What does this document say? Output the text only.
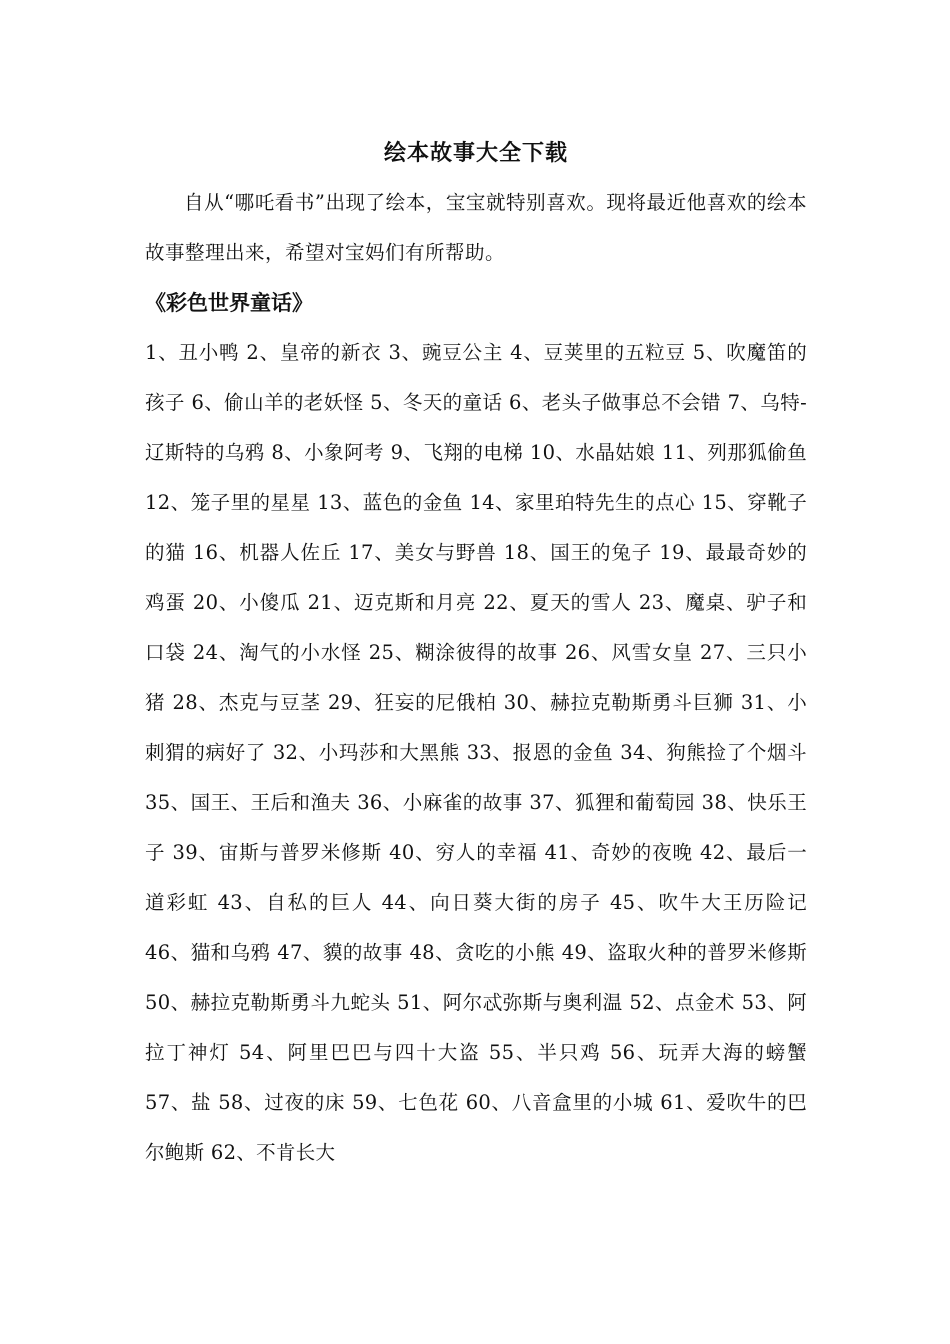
绘本故事大全下载

自从“哪吒看书”出现了绘本，宝宝就特别喜欢。现将最近他喜欢的绘本故事整理出来，希望对宝妈们有所帮助。

《彩色世界童话》

1、丑小鸭 2、皇帝的新衣 3、豌豆公主 4、豆荚里的五粒豆 5、吹魔笛的孩子 6、偷山羊的老妖怪 5、冬天的童话 6、老头子做事总不会错 7、乌特-辽斯特的乌鸦 8、小象阿考 9、飞翔的电梯 10、水晶姑娘 11、列那狐偷鱼 12、笼子里的星星 13、蓝色的金鱼 14、家里珀特先生的点心 15、穿靴子的猫 16、机器人佐丘 17、美女与野兽 18、国王的兔子 19、最最奇妙的鸡蛋 20、小傻瓜 21、迈克斯和月亮 22、夏天的雪人 23、魔桌、驴子和口袋 24、淘气的小水怪 25、糊涂彼得的故事 26、风雪女皇 27、三只小猪 28、杰克与豆茎 29、狂妄的尼俄柏 30、赫拉克勒斯勇斗巨狮 31、小刺猬的病好了 32、小玛莎和大黑熊 33、报恩的金鱼 34、狗熊捡了个烟斗 35、国王、王后和渔夫 36、小麻雀的故事 37、狐狸和葡萄园 38、快乐王子 39、宙斯与普罗米修斯 40、穷人的幸福 41、奇妙的夜晚 42、最后一道彩虹 43、自私的巨人 44、向日葵大街的房子 45、吹牛大王历险记 46、猫和乌鸦 47、貘的故事 48、贪吃的小熊 49、盗取火种的普罗米修斯 50、赫拉克勒斯勇斗九蛇头 51、阿尔忒弥斯与奥利温 52、点金术 53、阿拉丁神灯 54、阿里巴巴与四十大盗 55、半只鸡 56、玩弄大海的螃蟹 57、盐 58、过夜的床 59、七色花 60、八音盒里的小城 61、爱吹牛的巴尔鲍斯 62、不肯长大
